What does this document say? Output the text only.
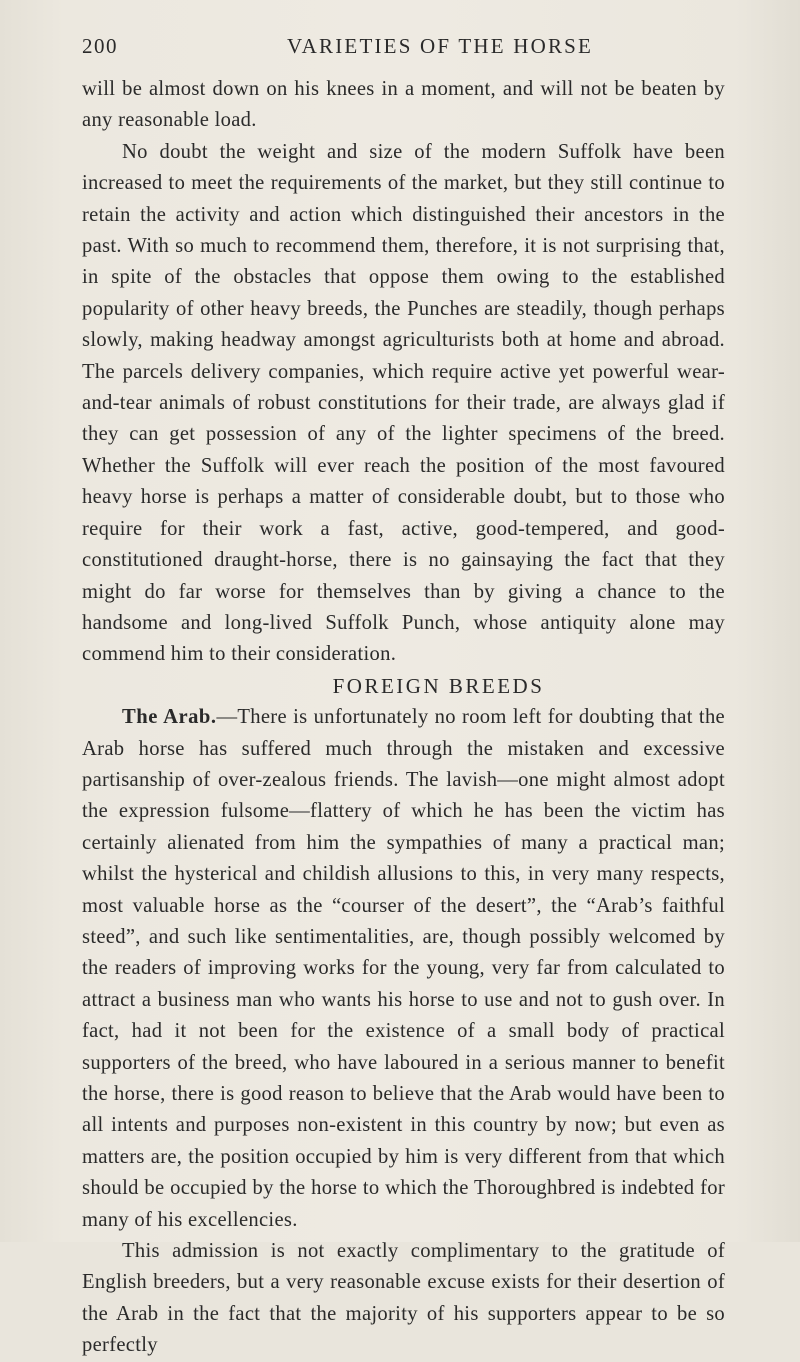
200	VARIETIES OF THE HORSE

will be almost down on his knees in a moment, and will not be beaten by any reasonable load.

No doubt the weight and size of the modern Suffolk have been increased to meet the requirements of the market, but they still continue to retain the activity and action which distinguished their ancestors in the past. With so much to recommend them, therefore, it is not surprising that, in spite of the obstacles that oppose them owing to the established popularity of other heavy breeds, the Punches are steadily, though perhaps slowly, making headway amongst agriculturists both at home and abroad. The parcels delivery companies, which require active yet powerful wear-and-tear animals of robust constitutions for their trade, are always glad if they can get possession of any of the lighter specimens of the breed. Whether the Suffolk will ever reach the position of the most favoured heavy horse is perhaps a matter of considerable doubt, but to those who require for their work a fast, active, good-tempered, and good-constitutioned draught-horse, there is no gainsaying the fact that they might do far worse for themselves than by giving a chance to the handsome and long-lived Suffolk Punch, whose antiquity alone may commend him to their consideration.

FOREIGN BREEDS

The Arab.—There is unfortunately no room left for doubting that the Arab horse has suffered much through the mistaken and excessive partisanship of over-zealous friends. The lavish—one might almost adopt the expression fulsome—flattery of which he has been the victim has certainly alienated from him the sympathies of many a practical man; whilst the hysterical and childish allusions to this, in very many respects, most valuable horse as the “courser of the desert”, the “Arab’s faithful steed”, and such like sentimentalities, are, though possibly welcomed by the readers of improving works for the young, very far from calculated to attract a business man who wants his horse to use and not to gush over. In fact, had it not been for the existence of a small body of practical supporters of the breed, who have laboured in a serious manner to benefit the horse, there is good reason to believe that the Arab would have been to all intents and purposes non-existent in this country by now; but even as matters are, the position occupied by him is very different from that which should be occupied by the horse to which the Thoroughbred is indebted for many of his excellencies.

This admission is not exactly complimentary to the gratitude of English breeders, but a very reasonable excuse exists for their desertion of the Arab in the fact that the majority of his supporters appear to be so perfectly
